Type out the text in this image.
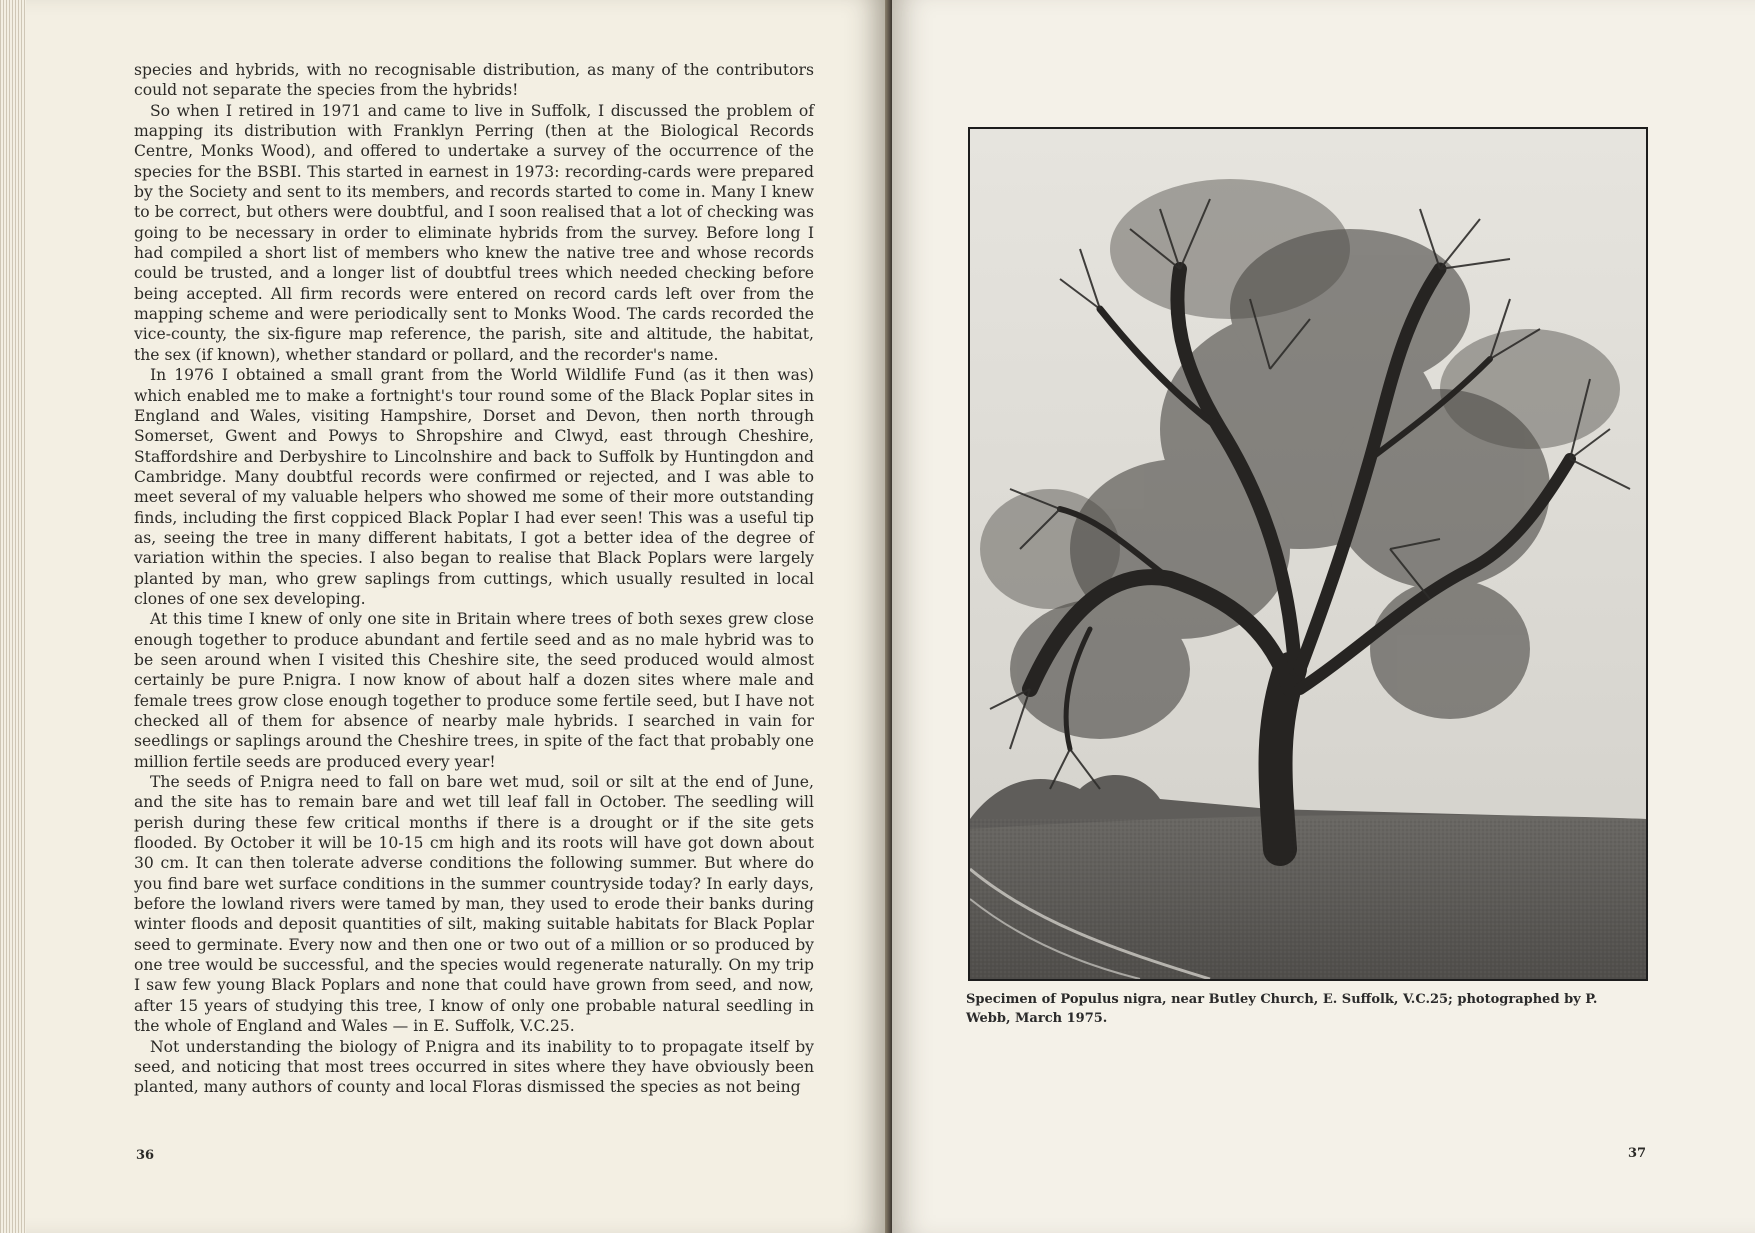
species and hybrids, with no recognisable distribution, as many of the contributors could not separate the species from the hybrids!

So when I retired in 1971 and came to live in Suffolk, I discussed the problem of mapping its distribution with Franklyn Perring (then at the Biological Records Centre, Monks Wood), and offered to undertake a survey of the occurrence of the species for the BSBI. This started in earnest in 1973: recording-cards were prepared by the Society and sent to its members, and records started to come in. Many I knew to be correct, but others were doubtful, and I soon realised that a lot of checking was going to be necessary in order to eliminate hybrids from the survey. Before long I had compiled a short list of members who knew the native tree and whose records could be trusted, and a longer list of doubtful trees which needed checking before being accepted. All firm records were entered on record cards left over from the mapping scheme and were periodically sent to Monks Wood. The cards recorded the vice-county, the six-figure map reference, the parish, site and altitude, the habitat, the sex (if known), whether standard or pollard, and the recorder's name.

In 1976 I obtained a small grant from the World Wildlife Fund (as it then was) which enabled me to make a fortnight's tour round some of the Black Poplar sites in England and Wales, visiting Hampshire, Dorset and Devon, then north through Somerset, Gwent and Powys to Shropshire and Clwyd, east through Cheshire, Staffordshire and Derbyshire to Lincolnshire and back to Suffolk by Huntingdon and Cambridge. Many doubtful records were confirmed or rejected, and I was able to meet several of my valuable helpers who showed me some of their more outstanding finds, including the first coppiced Black Poplar I had ever seen! This was a useful tip as, seeing the tree in many different habitats, I got a better idea of the degree of variation within the species. I also began to realise that Black Poplars were largely planted by man, who grew saplings from cuttings, which usually resulted in local clones of one sex developing.

At this time I knew of only one site in Britain where trees of both sexes grew close enough together to produce abundant and fertile seed and as no male hybrid was to be seen around when I visited this Cheshire site, the seed produced would almost certainly be pure P.nigra. I now know of about half a dozen sites where male and female trees grow close enough together to produce some fertile seed, but I have not checked all of them for absence of nearby male hybrids. I searched in vain for seedlings or saplings around the Cheshire trees, in spite of the fact that probably one million fertile seeds are produced every year!

The seeds of P.nigra need to fall on bare wet mud, soil or silt at the end of June, and the site has to remain bare and wet till leaf fall in October. The seedling will perish during these few critical months if there is a drought or if the site gets flooded. By October it will be 10-15 cm high and its roots will have got down about 30 cm. It can then tolerate adverse conditions the following summer. But where do you find bare wet surface conditions in the summer countryside today? In early days, before the lowland rivers were tamed by man, they used to erode their banks during winter floods and deposit quantities of silt, making suitable habitats for Black Poplar seed to germinate. Every now and then one or two out of a million or so produced by one tree would be successful, and the species would regenerate naturally. On my trip I saw few young Black Poplars and none that could have grown from seed, and now, after 15 years of studying this tree, I know of only one probable natural seedling in the whole of England and Wales — in E. Suffolk, V.C.25.

Not understanding the biology of P.nigra and its inability to to propagate itself by seed, and noticing that most trees occurred in sites where they have obviously been planted, many authors of county and local Floras dismissed the species as not being

36
Specimen of Populus nigra, near Butley Church, E. Suffolk, V.C.25; photographed by P. Webb, March 1975.
37
